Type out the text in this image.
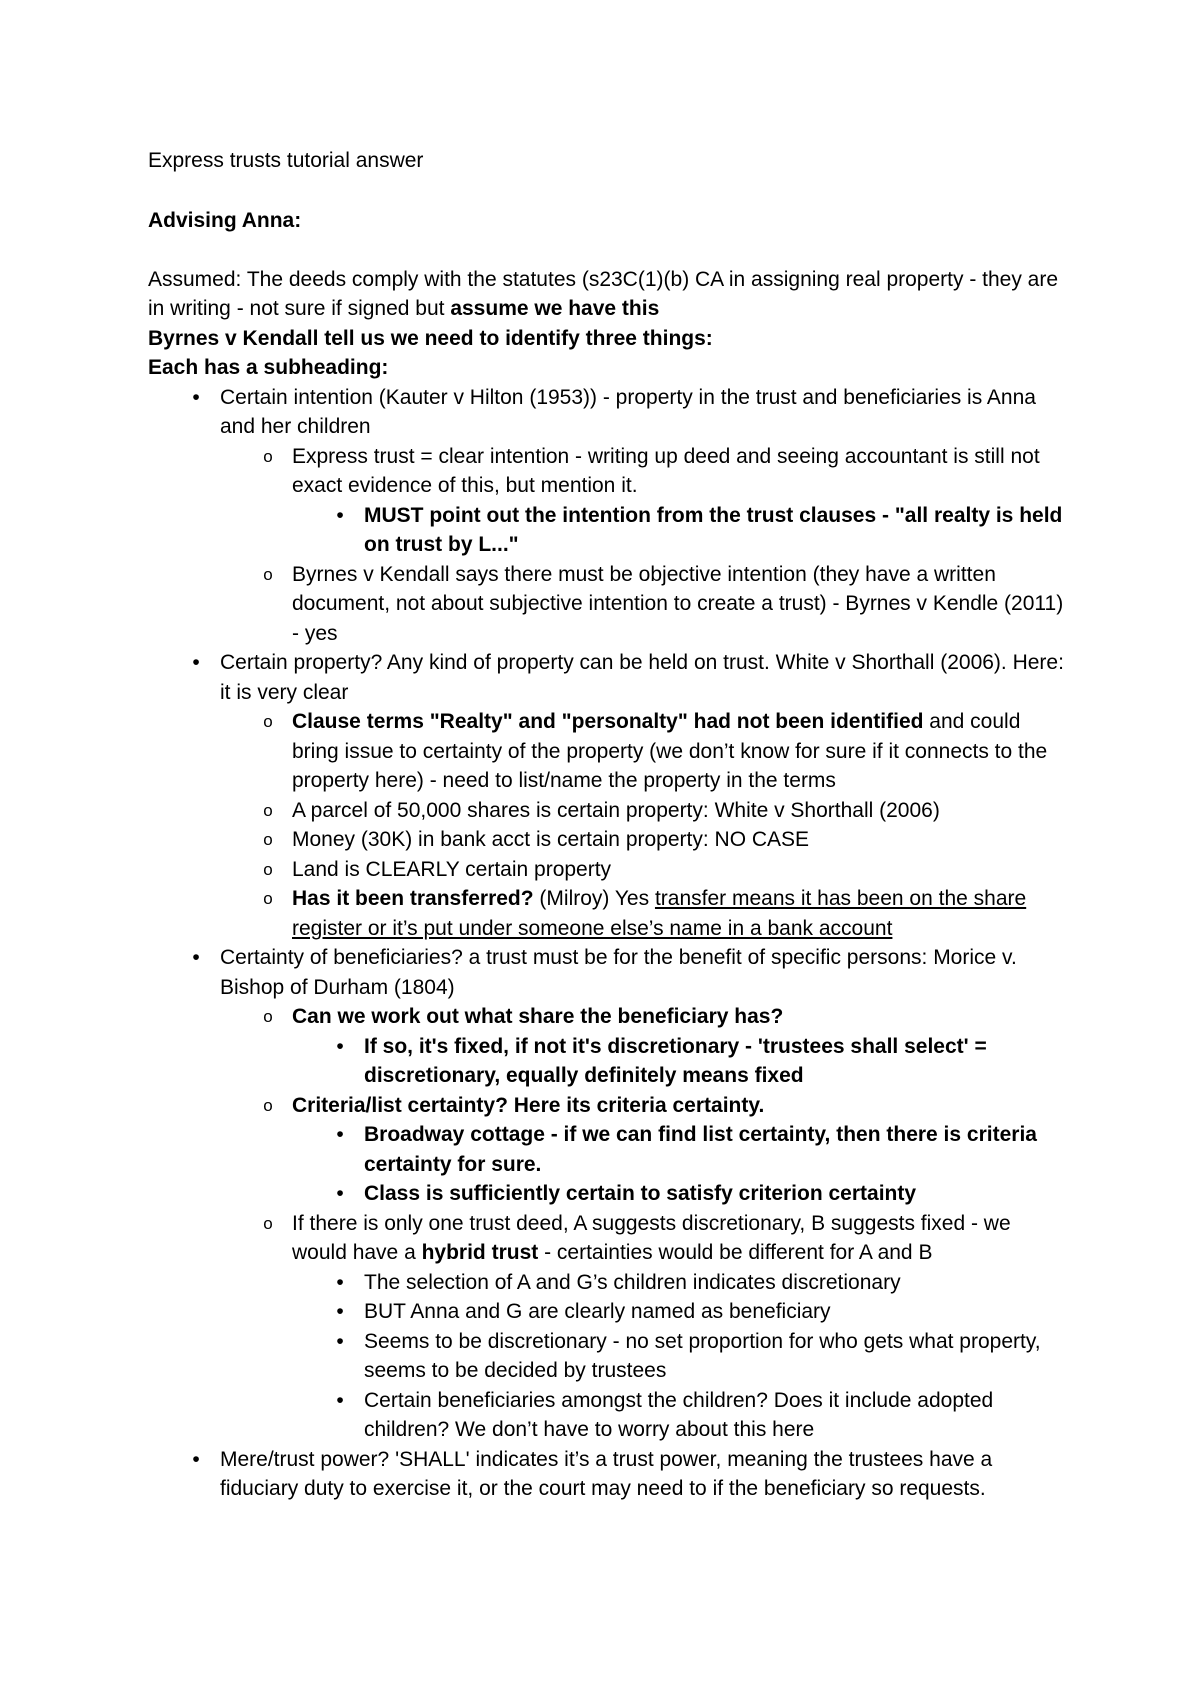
Express trusts tutorial answer

Advising Anna:

Assumed: The deeds comply with the statutes (s23C(1)(b) CA in assigning real property - they are in writing - not sure if signed but assume we have this

Byrnes v Kendall tell us we need to identify three things:

Each has a subheading:

• Certain intention (Kauter v Hilton (1953)) - property in the trust and beneficiaries is Anna and her children
o Express trust = clear intention - writing up deed and seeing accountant is still not exact evidence of this, but mention it.
• MUST point out the intention from the trust clauses - "all realty is held on trust by L..."
o Byrnes v Kendall says there must be objective intention (they have a written document, not about subjective intention to create a trust) - Byrnes v Kendle (2011) - yes
• Certain property? Any kind of property can be held on trust. White v Shorthall (2006). Here: it is very clear
o Clause terms "Realty" and "personalty" had not been identified and could bring issue to certainty of the property (we don’t know for sure if it connects to the property here) - need to list/name the property in the terms
o A parcel of 50,000 shares is certain property: White v Shorthall (2006)
o Money (30K) in bank acct is certain property: NO CASE
o Land is CLEARLY certain property
o Has it been transferred? (Milroy) Yes transfer means it has been on the share register or it’s put under someone else’s name in a bank account
• Certainty of beneficiaries? a trust must be for the benefit of specific persons: Morice v. Bishop of Durham (1804)
o Can we work out what share the beneficiary has?
• If so, it's fixed, if not it's discretionary - 'trustees shall select' = discretionary, equally definitely means fixed
o Criteria/list certainty? Here its criteria certainty.
• Broadway cottage - if we can find list certainty, then there is criteria certainty for sure.
• Class is sufficiently certain to satisfy criterion certainty
o If there is only one trust deed, A suggests discretionary, B suggests fixed - we would have a hybrid trust - certainties would be different for A and B
• The selection of A and G’s children indicates discretionary
• BUT Anna and G are clearly named as beneficiary
• Seems to be discretionary - no set proportion for who gets what property, seems to be decided by trustees
• Certain beneficiaries amongst the children? Does it include adopted children? We don’t have to worry about this here
• Mere/trust power? 'SHALL' indicates it’s a trust power, meaning the trustees have a fiduciary duty to exercise it, or the court may need to if the beneficiary so requests.
